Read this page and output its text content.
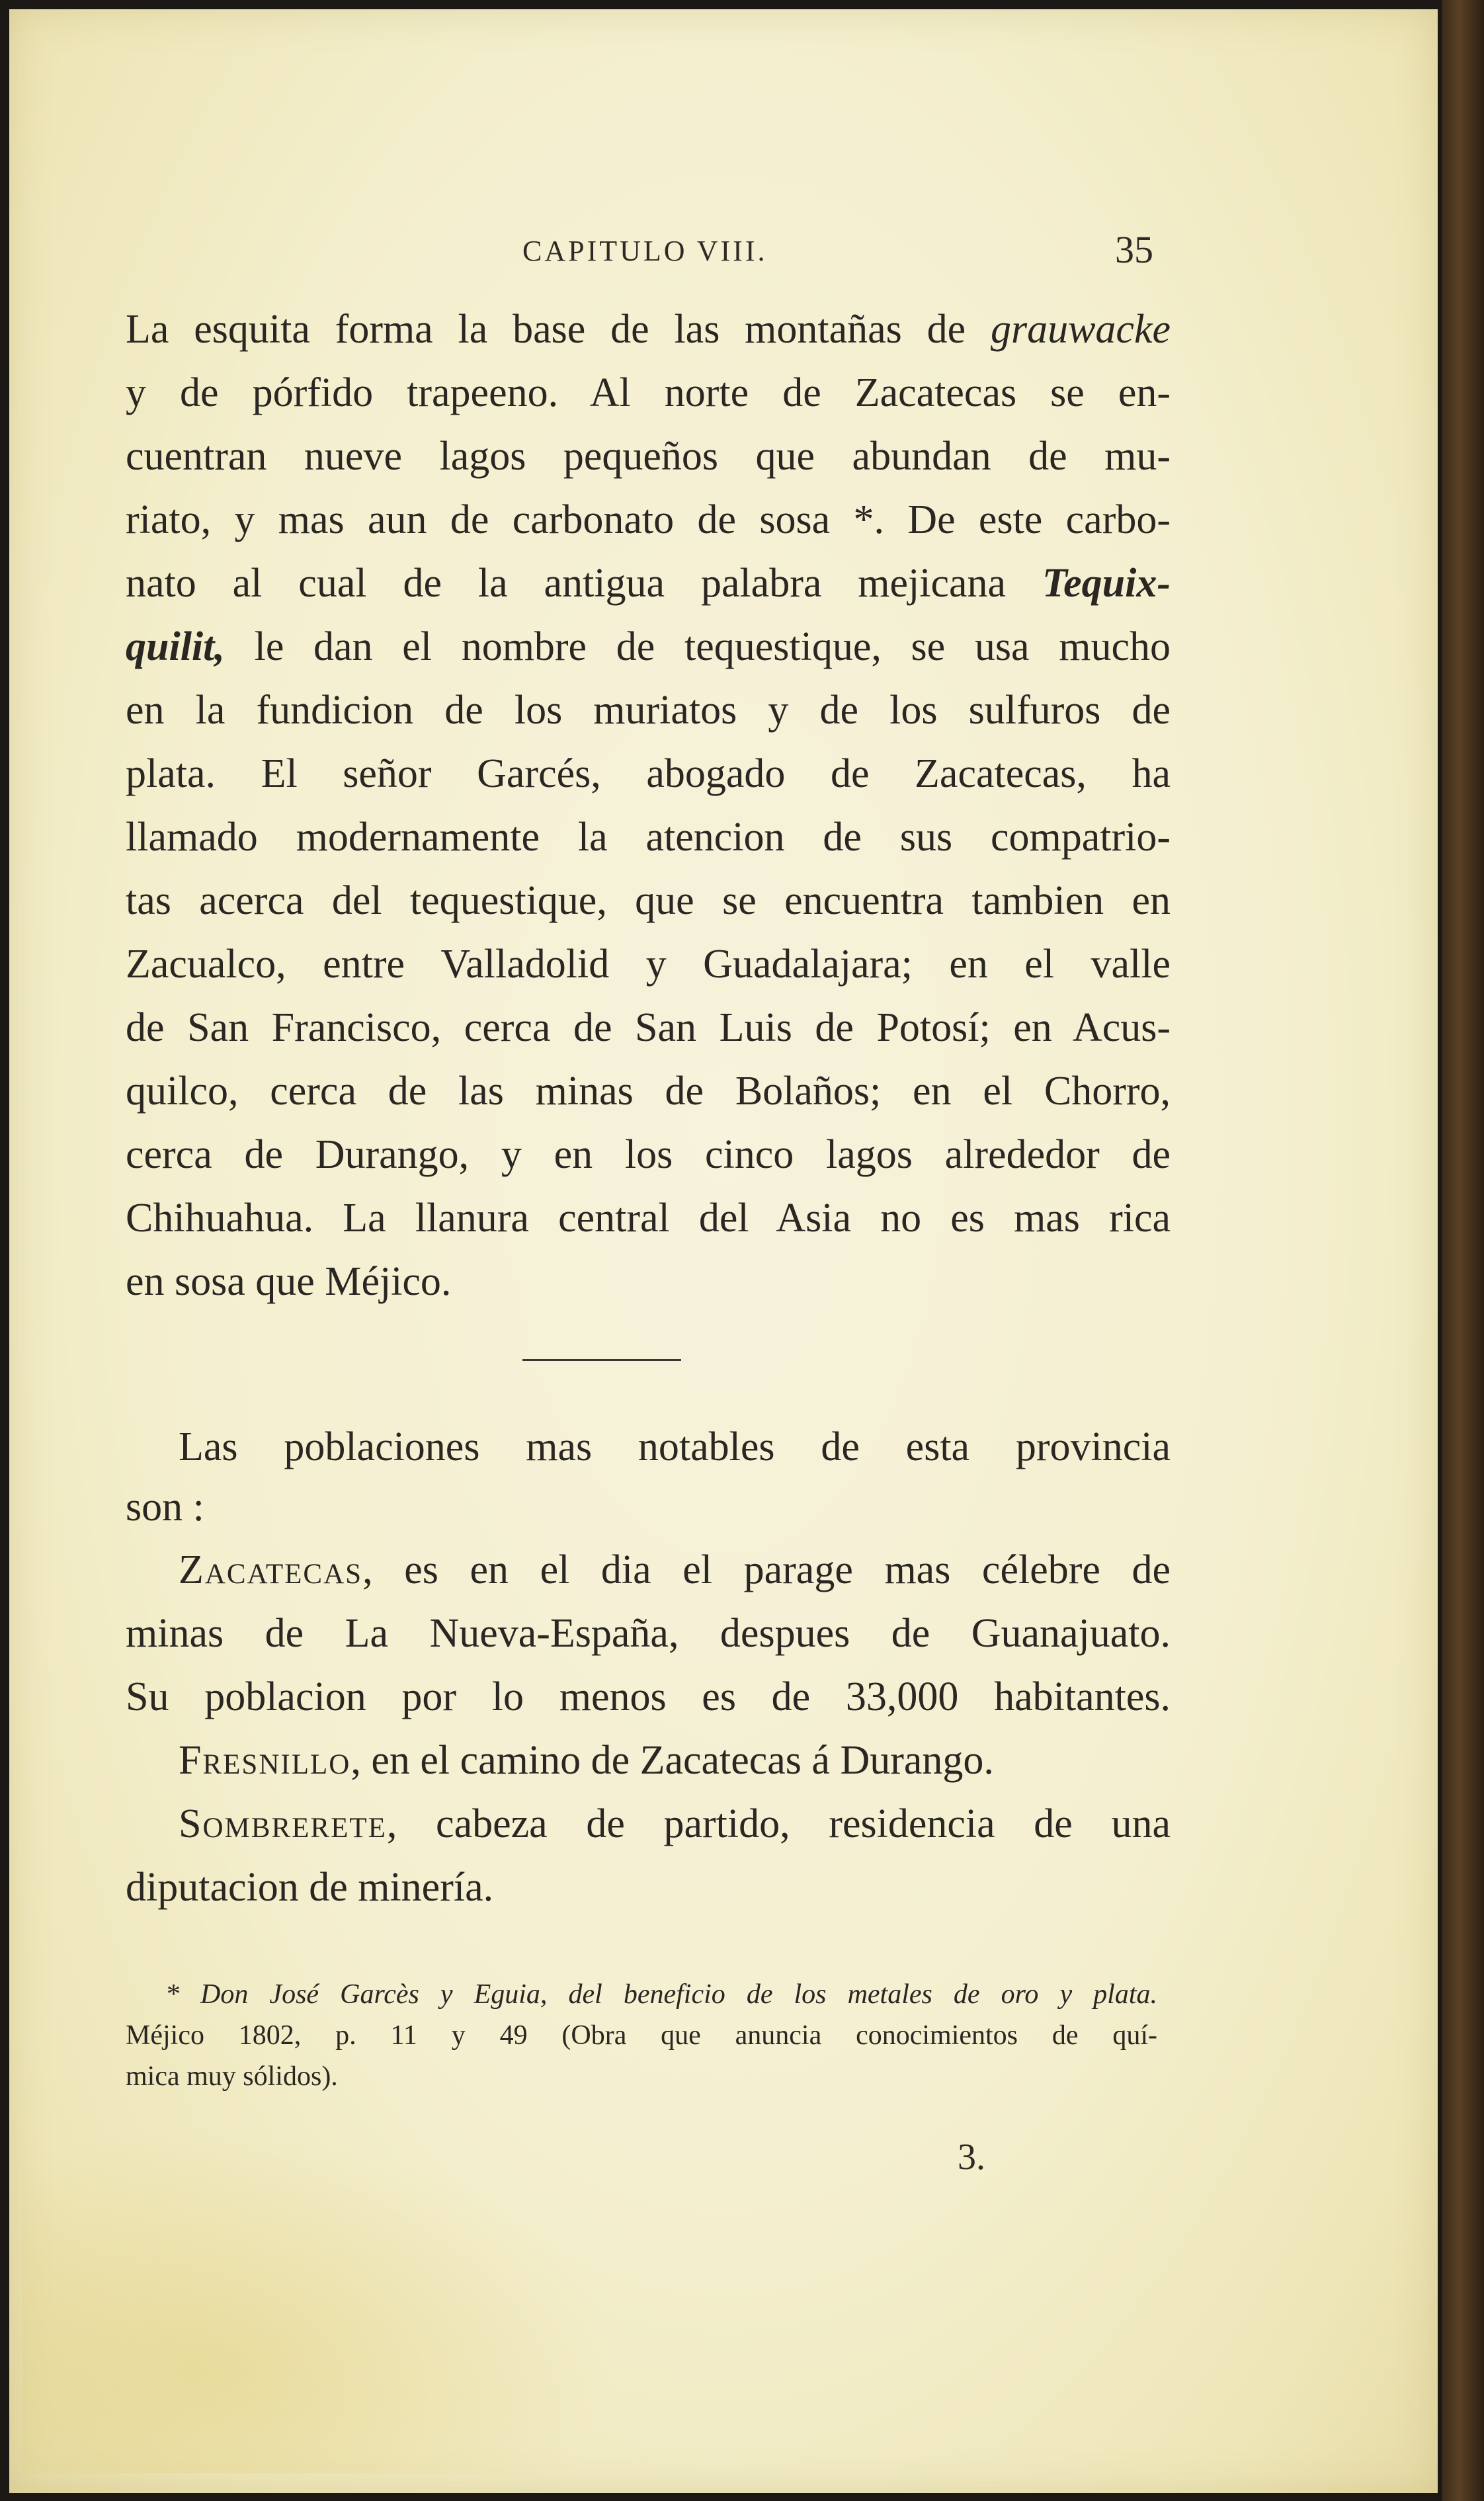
CAPITULO VIII.	35
La esquita forma la base de las montañas de grauwacke
y de pórfido trapeeno. Al norte de Zacatecas se en-
cuentran nueve lagos pequeños que abundan de mu-
riato, y mas aun de carbonato de sosa *. De este carbo-
nato al cual de la antigua palabra mejicana Tequix-
quilit, le dan el nombre de tequestique, se usa mucho
en la fundicion de los muriatos y de los sulfuros de
plata. El señor Garcés, abogado de Zacatecas, ha
llamado modernamente la atencion de sus compatrio-
tas acerca del tequestique, que se encuentra tambien en
Zacualco, entre Valladolid y Guadalajara; en el valle
de San Francisco, cerca de San Luis de Potosí; en Acus-
quilco, cerca de las minas de Bolaños; en el Chorro,
cerca de Durango, y en los cinco lagos alrededor de
Chihuahua. La llanura central del Asia no es mas rica
en sosa que Méjico.
Las poblaciones mas notables de esta provincia
son :
Zacatecas, es en el dia el parage mas célebre de
minas de La Nueva-España, despues de Guanajuato.
Su poblacion por lo menos es de 33,000 habitantes.
Fresnillo, en el camino de Zacatecas á Durango.
Sombrerete, cabeza de partido, residencia de una
diputacion de minería.
* Don José Garcès y Eguia, del beneficio de los metales de oro y plata.
Méjico 1802, p. 11 y 49 (Obra que anuncia conocimientos de quí-
mica muy sólidos).
3.
